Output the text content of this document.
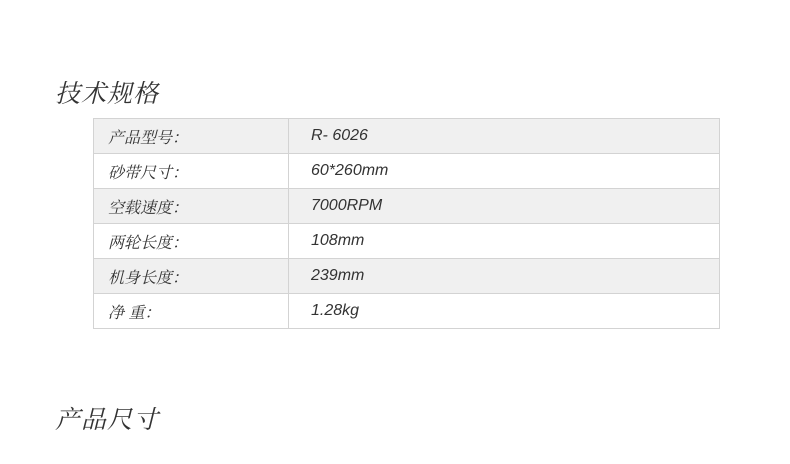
技术规格
产品型号：	R- 6026
砂带尺寸：	60*260mm
空载速度：	7000RPM
两轮长度：	108mm
机身长度：	239mm
净 重：	1.28kg
产品尺寸
